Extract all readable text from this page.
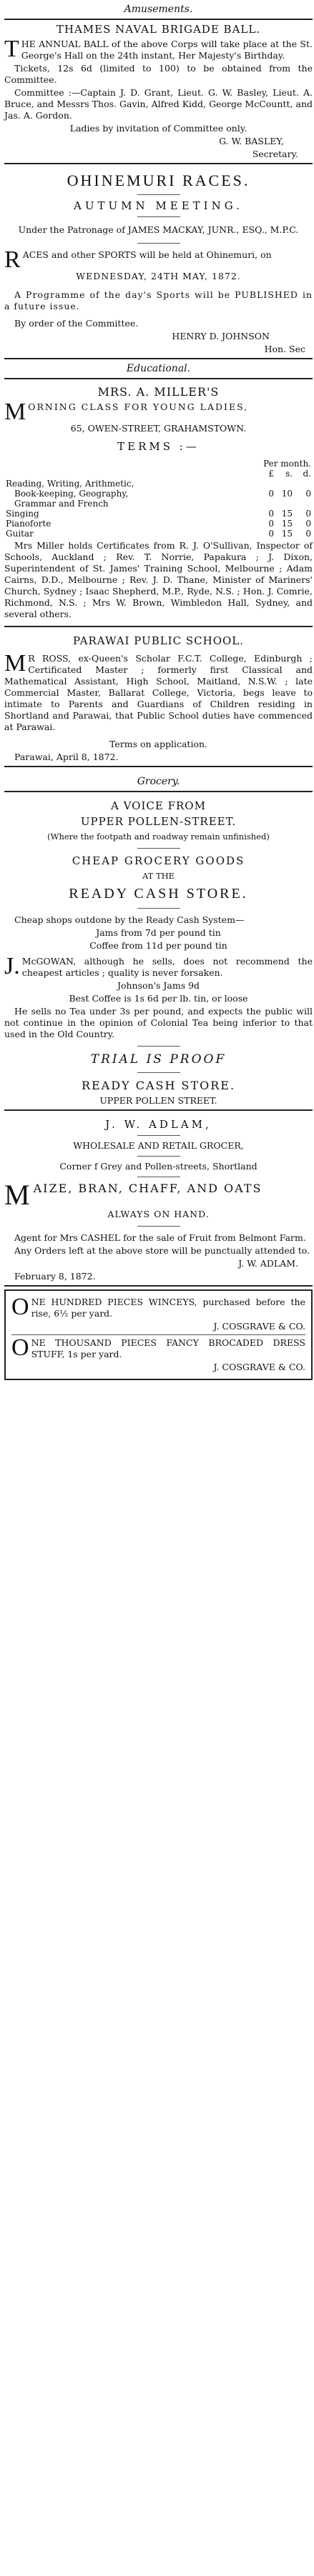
Amusements.
THAMES NAVAL BRIGADE BALL.
THE ANNUAL BALL of the above Corps will take place at the St. George's Hall on the 24th instant, Her Majesty's Birthday.
Tickets, 12s 6d (limited to 100) to be obtained from the Committee.
Committee :—Captain J. D. Grant, Lieut. G. W. Basley, Lieut. A. Bruce, and Messrs Thos. Gavin, Alfred Kidd, George McCountt, and Jas. A. Gordon.
Ladies by invitation of Committee only.
G. W. BASLEY,
Secretary.
OHINEMURI RACES.
AUTUMN MEETING.
Under the Patronage of JAMES MACKAY, JUNR., ESQ., M.P.C.
RACES and other SPORTS will be held at Ohinemuri, on
WEDNESDAY, 24TH MAY, 1872.
A Programme of the day's Sports will be PUBLISHED in a future issue.
By order of the Committee.
HENRY D. JOHNSON
Hon. Sec
Educational.
MRS. A. MILLER'S
MORNING CLASS FOR YOUNG LADIES,
65, OWEN-STREET, GRAHAMSTOWN.
TERMS :—
	Per month.		
	£	s.	d.
Reading, Writing, Arithmetic,			
Book-keeping, Geography,	0	10	0
Grammar and French			
Singing	0	15	0
Pianoforte	0	15	0
Guitar	0	15	0
Mrs Miller holds Certificates from R. J. O'Sullivan, Inspector of Schools, Auckland ; Rev. T. Norrie, Papakura ; J. Dixon, Superintendent of St. James' Training School, Melbourne ; Adam Cairns, D.D., Melbourne ; Rev. J. D. Thane, Minister of Mariners' Church, Sydney ; Isaac Shepherd, M.P., Ryde, N.S. ; Hon. J. Comrie, Richmond, N.S. ; Mrs W. Brown, Wimbledon Hall, Sydney, and several others.
PARAWAI PUBLIC SCHOOL.
M R ROSS, ex-Queen's Scholar F.C.T. College, Edinburgh ; Certificated Master ; formerly first Classical and Mathematical Assistant, High School, Maitland, N.S.W. ; late Commercial Master, Ballarat College, Victoria, begs leave to intimate to Parents and Guardians of Children residing in Shortland and Parawai, that Public School duties have commenced at Parawai.
Terms on application.
Parawai, April 8, 1872.
Grocery.
A VOICE FROM
UPPER POLLEN-STREET.
(Where the footpath and roadway remain unfinished)
CHEAP GROCERY GOODS
AT THE
READY CASH STORE.
Cheap shops outdone by the Ready Cash System—
Jams from 7d per pound tin
Coffee from 11d per pound tin
J. McGOWAN, although he sells, does not recommend the cheapest articles ; quality is never forsaken.
Johnson's Jams 9d
Best Coffee is 1s 6d per lb. tin, or loose
He sells no Tea under 3s per pound, and expects the public will not continue in the opinion of Colonial Tea being inferior to that used in the Old Country.
TRIAL IS PROOF
READY CASH STORE.
UPPER POLLEN STREET.
J. W. ADLAM,
WHOLESALE AND RETAIL GROCER,
Corner f Grey and Pollen-streets, Shortland
MAIZE, BRAN, CHAFF, AND OATS
ALWAYS ON HAND.
Agent for Mrs CASHEL for the sale of Fruit from Belmont Farm.
Any Orders left at the above store will be punctually attended to.
J. W. ADLAM.
February 8, 1872.
ONE HUNDRED PIECES WINCEYS, purchased before the rise, 6½ per yard.
J. COSGRAVE & CO.
ONE THOUSAND PIECES FANCY BROCADED DRESS STUFF, 1s per yard.
J. COSGRAVE & CO.
